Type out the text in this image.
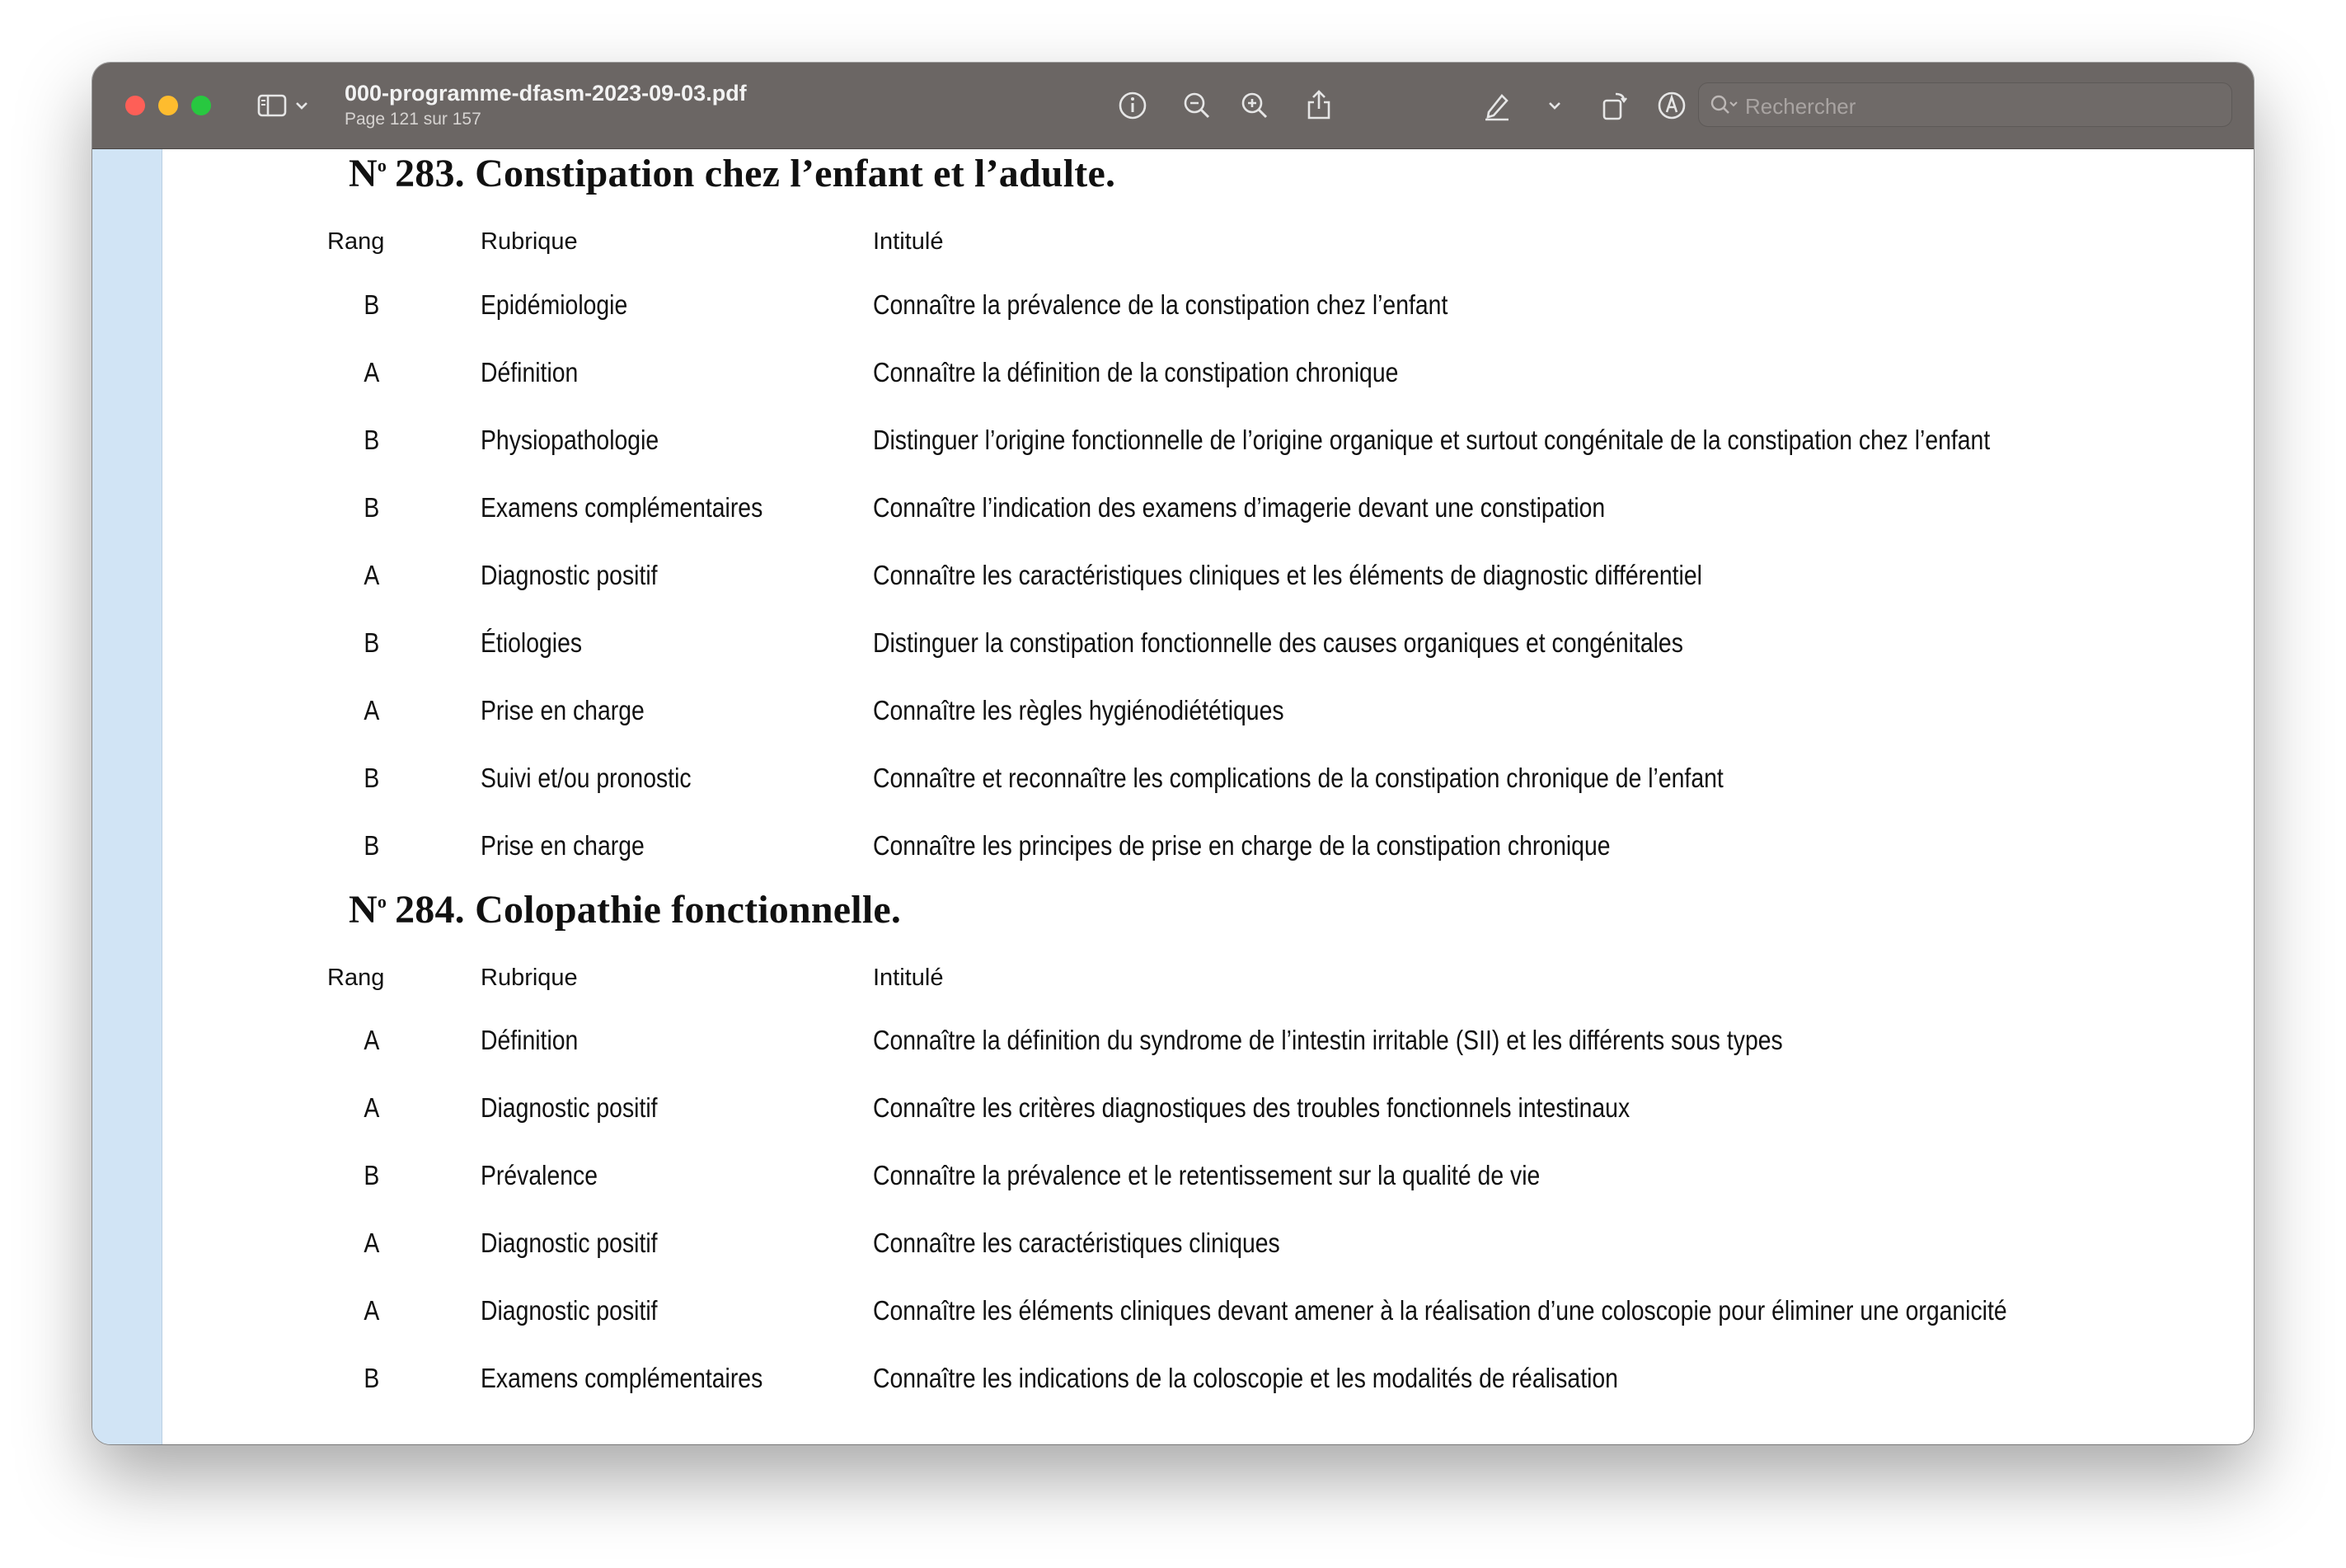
000-programme-dfasm-2023-09-03.pdf
Page 121 sur 157
Rechercher
$N^o$ 283. Constipation chez l’enfant et l’adulte.
Rang	Rubrique	Intitulé
B	Epidémiologie	Connaître la prévalence de la constipation chez l’enfant
A	Définition	Connaître la définition de la constipation chronique
B	Physiopathologie	Distinguer l’origine fonctionnelle de l’origine organique et surtout congénitale de la constipation chez l’enfant
B	Examens complémentaires	Connaître l’indication des examens d’imagerie devant une constipation
A	Diagnostic positif	Connaître les caractéristiques cliniques et les éléments de diagnostic différentiel
B	Étiologies	Distinguer la constipation fonctionnelle des causes organiques et congénitales
A	Prise en charge	Connaître les règles hygiénodiététiques
B	Suivi et/ou pronostic	Connaître et reconnaître les complications de la constipation chronique de l’enfant
B	Prise en charge	Connaître les principes de prise en charge de la constipation chronique
$N^o$ 284. Colopathie fonctionnelle.
Rang	Rubrique	Intitulé
A	Définition	Connaître la définition du syndrome de l’intestin irritable (SII) et les différents sous types
A	Diagnostic positif	Connaître les critères diagnostiques des troubles fonctionnels intestinaux
B	Prévalence	Connaître la prévalence et le retentissement sur la qualité de vie
A	Diagnostic positif	Connaître les caractéristiques cliniques
A	Diagnostic positif	Connaître les éléments cliniques devant amener à la réalisation d’une coloscopie pour éliminer une organicité
B	Examens complémentaires	Connaître les indications de la coloscopie et les modalités de réalisation
